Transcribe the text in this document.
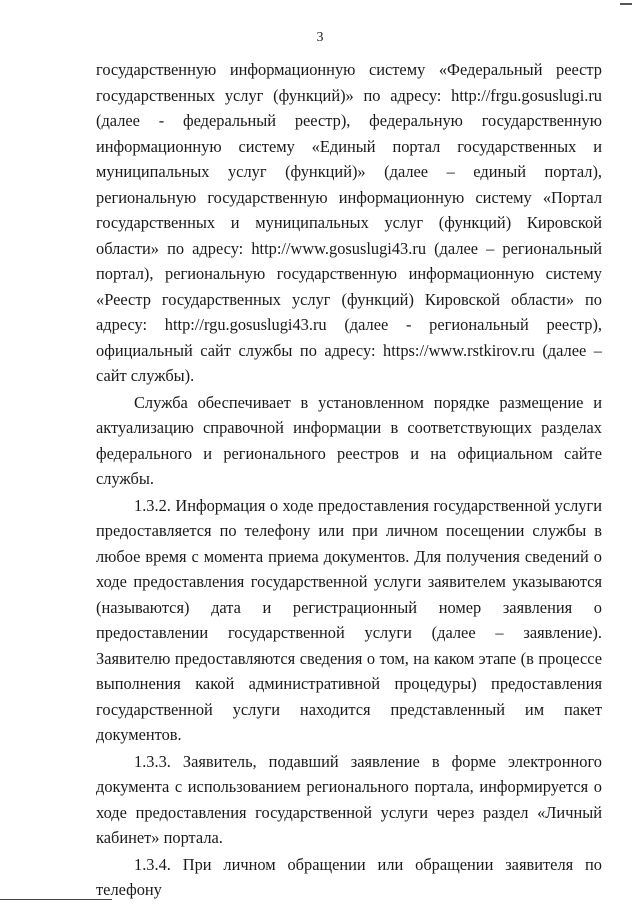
3

государственную информационную систему «Федеральный реестр государственных услуг (функций)» по адресу: http://frgu.gosuslugi.ru (далее - федеральный реестр), федеральную государственную информационную систему «Единый портал государственных и муниципальных услуг (функций)» (далее – единый портал), региональную государственную информационную систему «Портал государственных и муниципальных услуг (функций) Кировской области» по адресу: http://www.gosuslugi43.ru (далее – региональный портал), региональную государственную информационную систему «Реестр государственных услуг (функций) Кировской области» по адресу: http://rgu.gosuslugi43.ru (далее - региональный реестр), официальный сайт службы по адресу: https://www.rstkirov.ru (далее – сайт службы).

Служба обеспечивает в установленном порядке размещение и актуализацию справочной информации в соответствующих разделах федерального и регионального реестров и на официальном сайте службы.

1.3.2. Информация о ходе предоставления государственной услуги предоставляется по телефону или при личном посещении службы в любое время с момента приема документов. Для получения сведений о ходе предоставления государственной услуги заявителем указываются (называются) дата и регистрационный номер заявления о предоставлении государственной услуги (далее – заявление). Заявителю предоставляются сведения о том, на каком этапе (в процессе выполнения какой административной процедуры) предоставления государственной услуги находится представленный им пакет документов.

1.3.3. Заявитель, подавший заявление в форме электронного документа с использованием регионального портала, информируется о ходе предоставления государственной услуги через раздел «Личный кабинет» портала.

1.3.4. При личном обращении или обращении заявителя по телефону
